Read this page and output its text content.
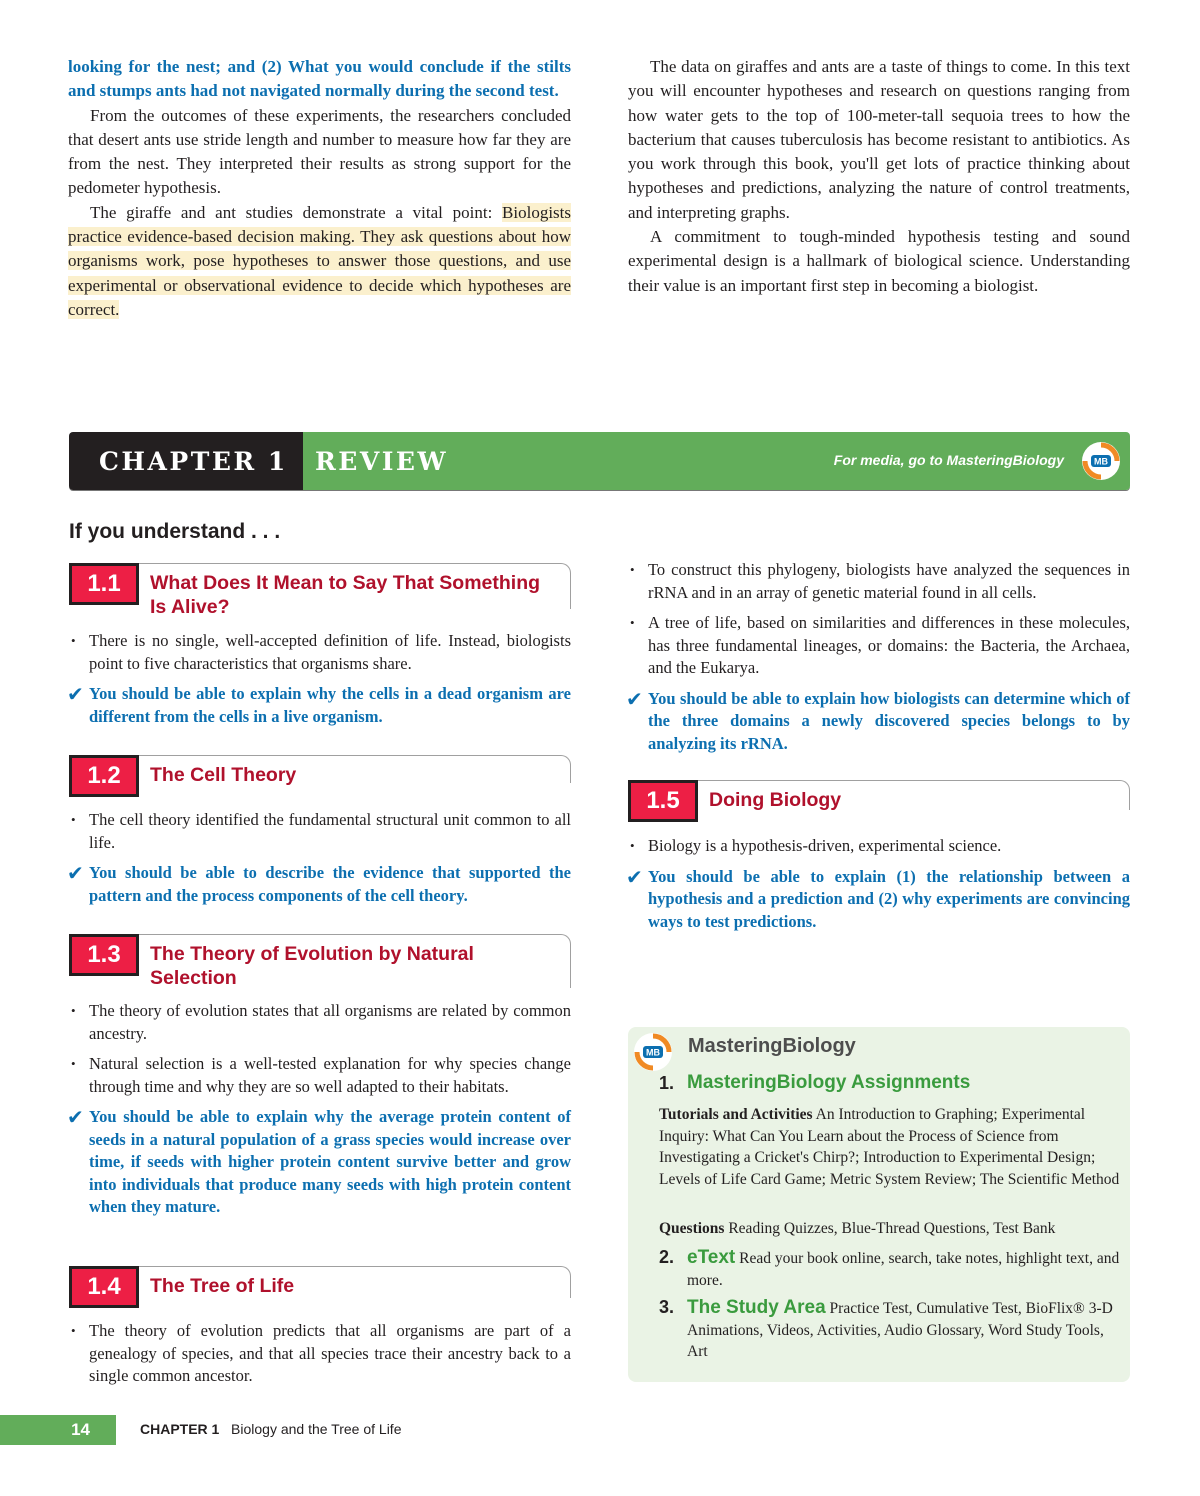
looking for the nest; and (2) What you would conclude if the stilts and stumps ants had not navigated normally during the second test.

From the outcomes of these experiments, the researchers concluded that desert ants use stride length and number to measure how far they are from the nest. They interpreted their results as strong support for the pedometer hypothesis.

The giraffe and ant studies demonstrate a vital point: Biologists practice evidence-based decision making. They ask questions about how organisms work, pose hypotheses to answer those questions, and use experimental or observational evidence to decide which hypotheses are correct.

The data on giraffes and ants are a taste of things to come. In this text you will encounter hypotheses and research on questions ranging from how water gets to the top of 100-meter-tall sequoia trees to how the bacterium that causes tuberculosis has become resistant to antibiotics. As you work through this book, you'll get lots of practice thinking about hypotheses and predictions, analyzing the nature of control treatments, and interpreting graphs.

A commitment to tough-minded hypothesis testing and sound experimental design is a hallmark of biological science. Understanding their value is an important first step in becoming a biologist.

CHAPTER 1	REVIEW	For media, go to MasteringBiology	MB
If you understand . . .
1.1	What Does It Mean to Say That Something Is Alive?
• There is no single, well-accepted definition of life. Instead, biologists point to five characteristics that organisms share.
✔ You should be able to explain why the cells in a dead organism are different from the cells in a live organism.
1.2	The Cell Theory
• The cell theory identified the fundamental structural unit common to all life.
✔ You should be able to describe the evidence that supported the pattern and the process components of the cell theory.
1.3	The Theory of Evolution by Natural Selection
• The theory of evolution states that all organisms are related by common ancestry.
• Natural selection is a well-tested explanation for why species change through time and why they are so well adapted to their habitats.
✔ You should be able to explain why the average protein content of seeds in a natural population of a grass species would increase over time, if seeds with higher protein content survive better and grow into individuals that produce many seeds with high protein content when they mature.
1.4	The Tree of Life
• The theory of evolution predicts that all organisms are part of a genealogy of species, and that all species trace their ancestry back to a single common ancestor.
• To construct this phylogeny, biologists have analyzed the sequences in rRNA and in an array of genetic material found in all cells.
• A tree of life, based on similarities and differences in these molecules, has three fundamental lineages, or domains: the Bacteria, the Archaea, and the Eukarya.
✔ You should be able to explain how biologists can determine which of the three domains a newly discovered species belongs to by analyzing its rRNA.
1.5	Doing Biology
• Biology is a hypothesis-driven, experimental science.
✔ You should be able to explain (1) the relationship between a hypothesis and a prediction and (2) why experiments are convincing ways to test predictions.
MB MasteringBiology
1. MasteringBiology Assignments
Tutorials and Activities An Introduction to Graphing; Experimental Inquiry: What Can You Learn about the Process of Science from Investigating a Cricket's Chirp?; Introduction to Experimental Design; Levels of Life Card Game; Metric System Review; The Scientific Method
Questions Reading Quizzes, Blue-Thread Questions, Test Bank
2. eText Read your book online, search, take notes, highlight text, and more.
3. The Study Area Practice Test, Cumulative Test, BioFlix® 3-D Animations, Videos, Activities, Audio Glossary, Word Study Tools, Art
14	CHAPTER 1 Biology and the Tree of Life
